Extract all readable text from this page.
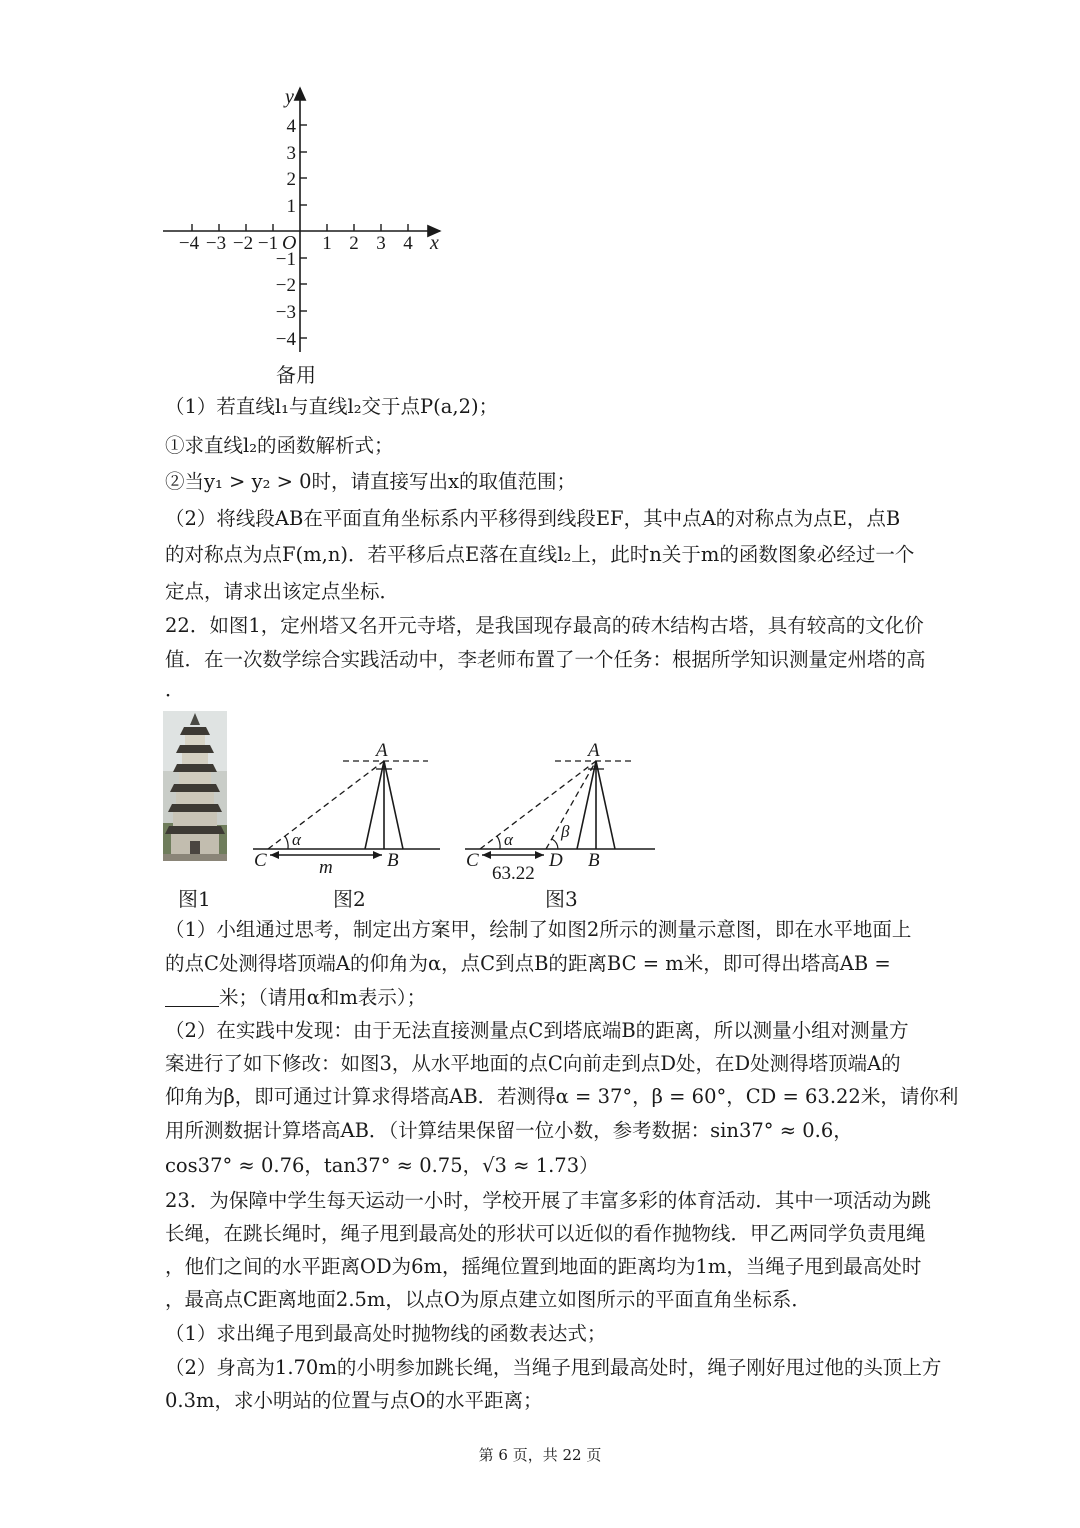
x
y
O
−4 −3 −2 −1 1 2 3 4
4
3
2
1
−1
−2
−3
−4
备用
（1）若直线l₁与直线l₂交于点P(a,2)；
①求直线l₂的函数解析式；
②当y₁ > y₂ > 0时，请直接写出x的取值范围；
（2）将线段AB在平面直角坐标系内平移得到线段EF，其中点A的对称点为点E，点B
的对称点为点F(m,n)．若平移后点E落在直线l₂上，此时n关于m的函数图象必经过一个
定点，请求出该定点坐标．
22．如图1，定州塔又名开元寺塔，是我国现存最高的砖木结构古塔，具有较高的文化价
值．在一次数学综合实践活动中，李老师布置了一个任务：根据所学知识测量定州塔的高
．
A
α
C	m	B
A
α	β
C	D B
63.22
图1	图2	图3
（1）小组通过思考，制定出方案甲，绘制了如图2所示的测量示意图，即在水平地面上
的点C处测得塔顶端A的仰角为α，点C到点B的距离BC = m米，即可得出塔高AB =
米；（请用α和m表示）；
（2）在实践中发现：由于无法直接测量点C到塔底端B的距离，所以测量小组对测量方
案进行了如下修改：如图3，从水平地面的点C向前走到点D处，在D处测得塔顶端A的
仰角为β，即可通过计算求得塔高AB．若测得α = 37°，β = 60°，CD = 63.22米，请你利
用所测数据计算塔高AB．（计算结果保留一位小数，参考数据：sin37° ≈ 0.6，
cos37° ≈ 0.76，tan37° ≈ 0.75，√3 ≈ 1.73）
23．为保障中学生每天运动一小时，学校开展了丰富多彩的体育活动．其中一项活动为跳
长绳，在跳长绳时，绳子甩到最高处的形状可以近似的看作抛物线．甲乙两同学负责甩绳
，他们之间的水平距离OD为6m，摇绳位置到地面的距离均为1m，当绳子甩到最高处时
，最高点C距离地面2.5m，以点O为原点建立如图所示的平面直角坐标系．
（1）求出绳子甩到最高处时抛物线的函数表达式；
（2）身高为1.70m的小明参加跳长绳，当绳子甩到最高处时，绳子刚好甩过他的头顶上方
0.3m，求小明站的位置与点O的水平距离；
第 6 页，共 22 页
